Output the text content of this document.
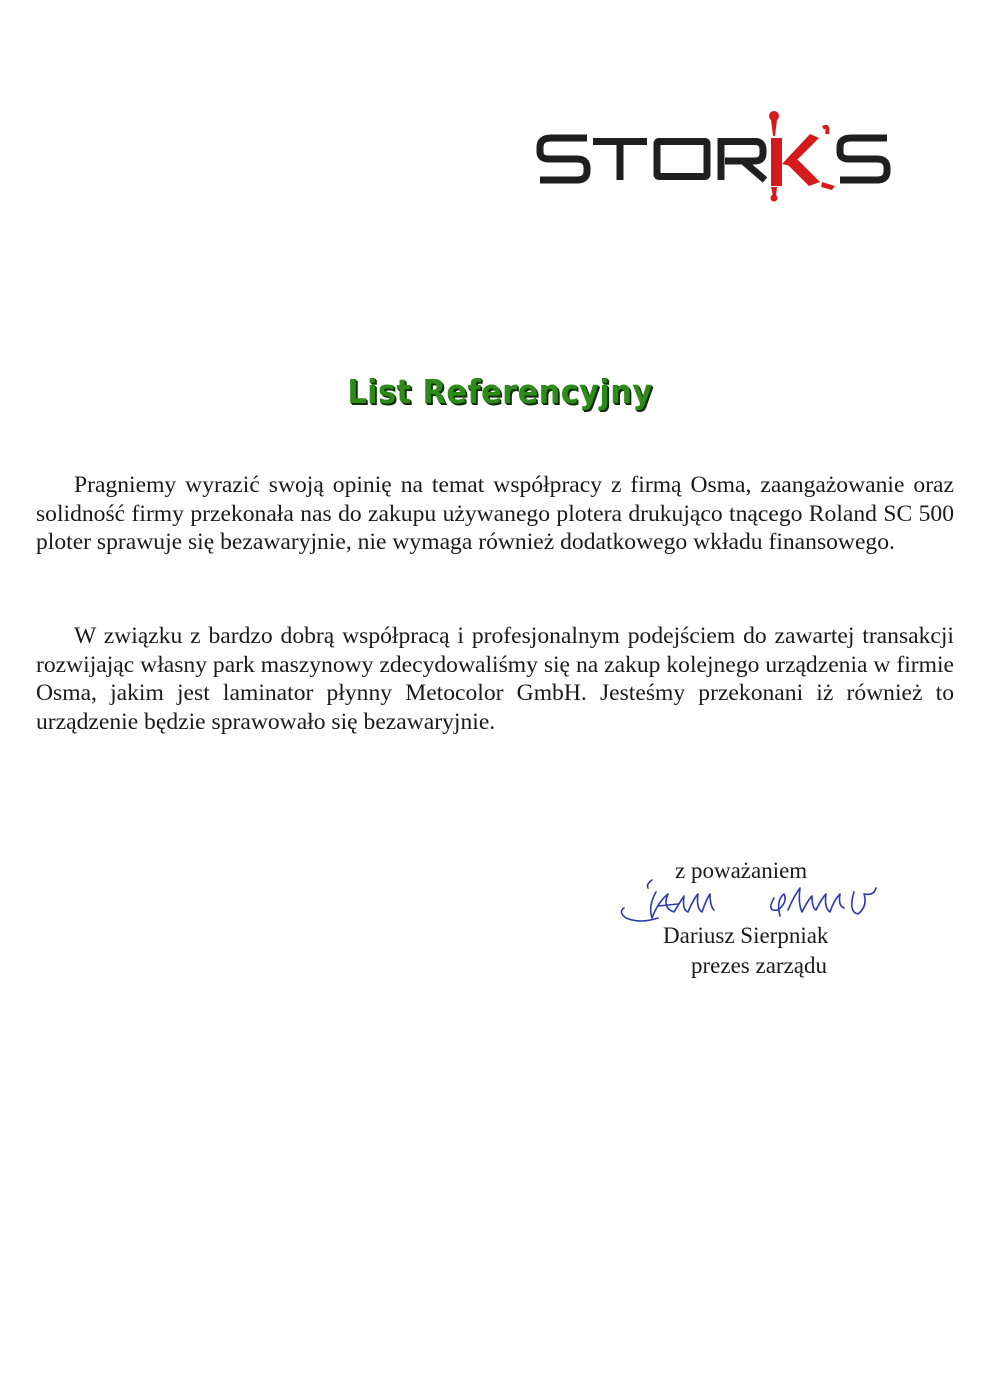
List Referencyjny
Pragniemy wyrazić swoją opinię na temat współpracy z firmą Osma, zaangażowanie oraz solidność firmy przekonała nas do zakupu używanego plotera drukująco tnącego Roland SC 500 ploter sprawuje się bezawaryjnie, nie wymaga również dodatkowego wkładu finansowego.
W związku z bardzo dobrą współpracą i profesjonalnym podejściem do zawartej transakcji rozwijając własny park maszynowy zdecydowaliśmy się na zakup kolejnego urządzenia w firmie Osma, jakim jest laminator płynny Metocolor GmbH. Jesteśmy przekonani iż również to urządzenie będzie sprawowało się bezawaryjnie.
z poważaniem
Dariusz Sierpniak
prezes zarządu
